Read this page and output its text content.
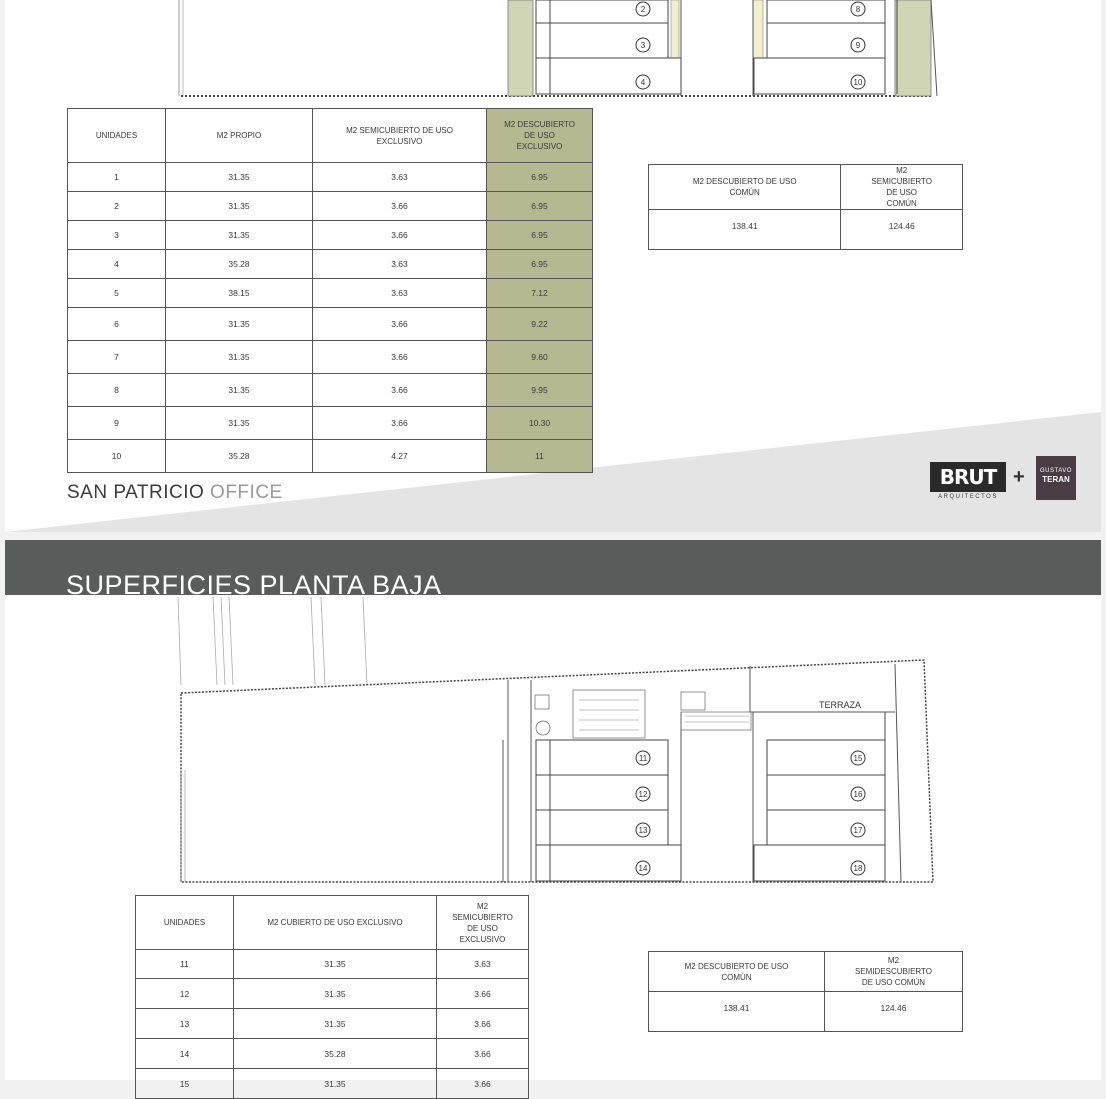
2
3
4
8
9
10
UNIDADES	M2 PROPIO	M2 SEMICUBIERTO DE USO EXCLUSIVO	M2 DESCUBIERTO DE USO EXCLUSIVO
1	31.35	3.63	6.95
2	31.35	3.66	6.95
3	31.35	3.66	6.95
4	35.28	3.63	6.95
5	38.15	3.63	7.12
6	31.35	3.66	9.22
7	31.35	3.66	9.60
8	31.35	3.66	9.95
9	31.35	3.66	10.30
10	35.28	4.27	11
M2 DESCUBIERTO DE USO COMÚN	M2 SEMICUBIERTO DE USO COMÚN
138.41	124.46
SAN PATRICIO OFFICE
BRUT
ARQUITECTOS
+	GUSTAVO
TERAN
SUPERFICIES PLANTA BAJA
TERRAZA
11
12
13
14
15
16
17
18
UNIDADES	M2 CUBIERTO DE USO EXCLUSIVO	M2 SEMICUBIERTO DE USO EXCLUSIVO
11	31.35	3.63
12	31.35	3.66
13	31.35	3.66
14	35.28	3.66
15	31.35	3.66
M2 DESCUBIERTO DE USO COMÚN	M2 SEMIDESCUBIERTO DE USO COMÚN
138.41	124.46
